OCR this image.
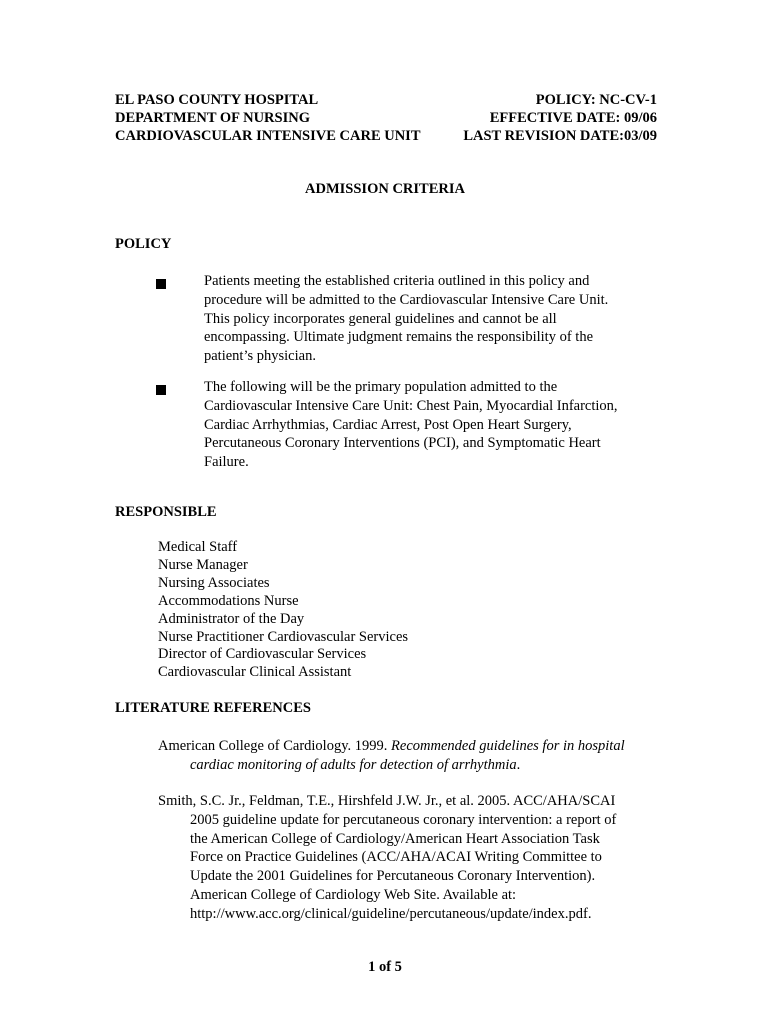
EL PASO COUNTY HOSPITAL	POLICY: NC-CV-1
DEPARTMENT OF NURSING	EFFECTIVE DATE: 09/06
CARDIOVASCULAR INTENSIVE CARE UNIT	LAST REVISION DATE:03/09
ADMISSION CRITERIA
POLICY
Patients meeting the established criteria outlined in this policy and
procedure will be admitted to the Cardiovascular Intensive Care Unit.
This policy incorporates general guidelines and cannot be all
encompassing. Ultimate judgment remains the responsibility of the
patient’s physician.
The following will be the primary population admitted to the
Cardiovascular Intensive Care Unit: Chest Pain, Myocardial Infarction,
Cardiac Arrhythmias, Cardiac Arrest, Post Open Heart Surgery,
Percutaneous Coronary Interventions (PCI), and Symptomatic Heart
Failure.
RESPONSIBLE
Medical Staff
Nurse Manager
Nursing Associates
Accommodations Nurse
Administrator of the Day
Nurse Practitioner Cardiovascular Services
Director of Cardiovascular Services
Cardiovascular Clinical Assistant
LITERATURE REFERENCES
American College of Cardiology. 1999. Recommended guidelines for in hospital
cardiac monitoring of adults for detection of arrhythmia.
Smith, S.C. Jr., Feldman, T.E., Hirshfeld J.W. Jr., et al. 2005. ACC/AHA/SCAI
2005 guideline update for percutaneous coronary intervention: a report of
the American College of Cardiology/American Heart Association Task
Force on Practice Guidelines (ACC/AHA/ACAI Writing Committee to
Update the 2001 Guidelines for Percutaneous Coronary Intervention).
American College of Cardiology Web Site. Available at:
http://www.acc.org/clinical/guideline/percutaneous/update/index.pdf.
1 of 5
